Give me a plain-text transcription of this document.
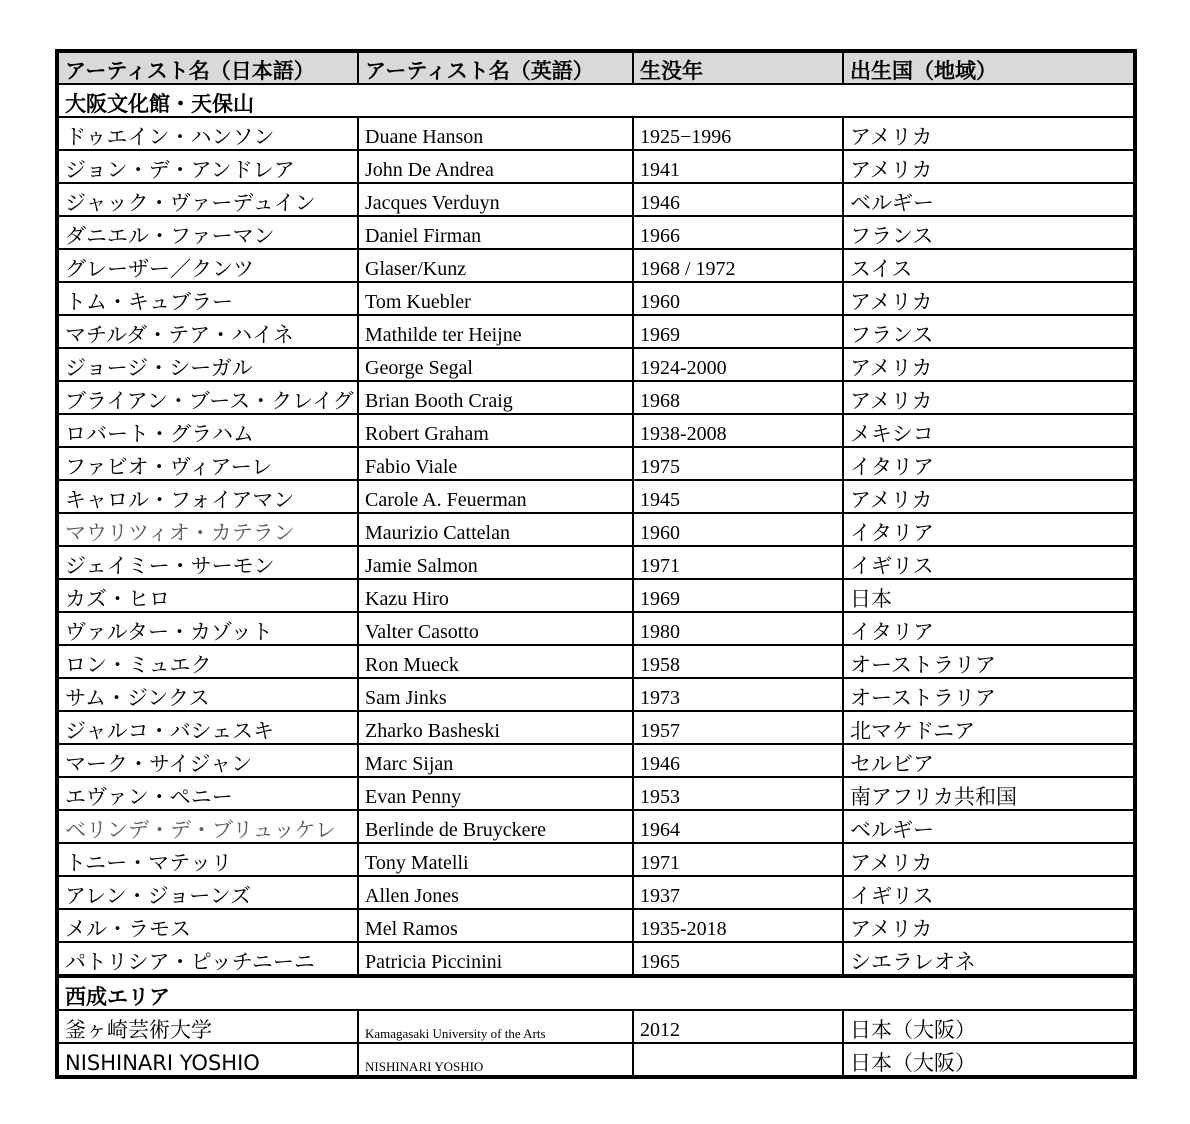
アーティスト名（日本語）	アーティスト名（英語）	生没年	出生国（地域）
大阪文化館・天保山			
ドゥエイン・ハンソン	Duane Hanson	1925−1996	アメリカ
ジョン・デ・アンドレア	John De Andrea	1941	アメリカ
ジャック・ヴァーデュイン	Jacques Verduyn	1946	ベルギー
ダニエル・ファーマン	Daniel Firman	1966	フランス
グレーザー／クンツ	Glaser/Kunz	1968 / 1972	スイス
トム・キュブラー	Tom Kuebler	1960	アメリカ
マチルダ・テア・ハイネ	Mathilde ter Heijne	1969	フランス
ジョージ・シーガル	George Segal	1924-2000	アメリカ
ブライアン・ブース・クレイグ	Brian Booth Craig	1968	アメリカ
ロバート・グラハム	Robert Graham	1938-2008	メキシコ
ファビオ・ヴィアーレ	Fabio Viale	1975	イタリア
キャロル・フォイアマン	Carole A. Feuerman	1945	アメリカ
マウリツィオ・カテラン	Maurizio Cattelan	1960	イタリア
ジェイミー・サーモン	Jamie Salmon	1971	イギリス
カズ・ヒロ	Kazu Hiro	1969	日本
ヴァルター・カゾット	Valter Casotto	1980	イタリア
ロン・ミュエク	Ron Mueck	1958	オーストラリア
サム・ジンクス	Sam Jinks	1973	オーストラリア
ジャルコ・バシェスキ	Zharko Basheski	1957	北マケドニア
マーク・サイジャン	Marc Sijan	1946	セルビア
エヴァン・ペニー	Evan Penny	1953	南アフリカ共和国
ベリンデ・デ・ブリュッケレ	Berlinde de Bruyckere	1964	ベルギー
トニー・マテッリ	Tony Matelli	1971	アメリカ
アレン・ジョーンズ	Allen Jones	1937	イギリス
メル・ラモス	Mel Ramos	1935-2018	アメリカ
パトリシア・ピッチニーニ	Patricia Piccinini	1965	シエラレオネ
西成エリア			
釜ヶ崎芸術大学	Kamagasaki University of the Arts	2012	日本（大阪）
NISHINARI YOSHIO	NISHINARI YOSHIO		日本（大阪）
